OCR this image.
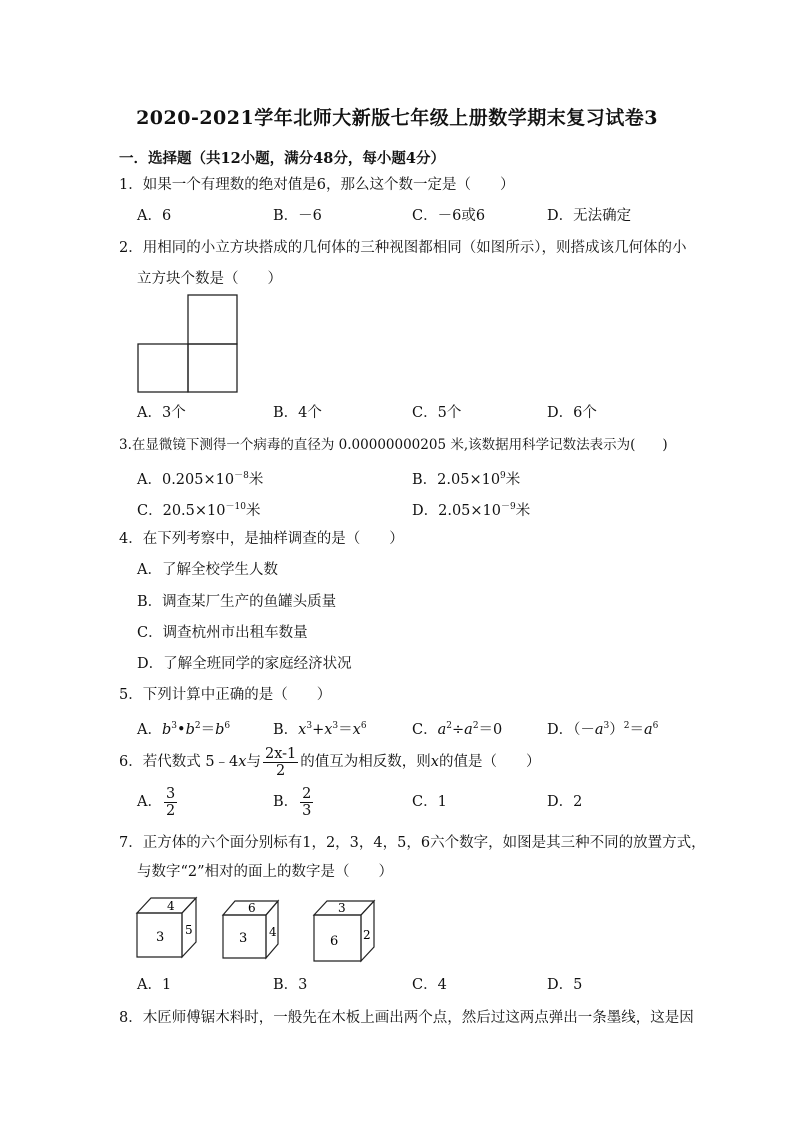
2020-2021学年北师大新版七年级上册数学期末复习试卷3
一．选择题（共12小题，满分48分，每小题4分）
1．如果一个有理数的绝对值是6，那么这个数一定是（　　）
A．6	B．－6	C．－6或6	D．无法确定
2．用相同的小立方块搭成的几何体的三种视图都相同（如图所示），则搭成该几何体的小
立方块个数是（　　）
A．3个	B．4个	C．5个	D．6个
3.在显微镜下测得一个病毒的直径为 0.00000000205 米,该数据用科学记数法表示为(　　)
A．$0.205\times 10^{-8}$米	B．$2.05\times 10^9$米
C．$20.5\times 10^{-10}$米	D．$2.05\times 10^{-9}$米
4．在下列考察中，是抽样调查的是（　　）
A．了解全校学生人数
B．调查某厂生产的鱼罐头质量
C．调查杭州市出租车数量
D．了解全班同学的家庭经济状况
5．下列计算中正确的是（　　）
A．$b^3•b^2=b^6$	B．$x^3+x^3=x^6$	C．$a^2\div a^2=0$	D．$(-a^3)^2=a^6$
6．若代数式 5﹣4x与 $\frac{2x-1}{2}$ 的值互为相反数，则x的值是（　　）
A． $\frac{3}{2}$	B． $\frac{2}{3}$	C．1	D．2
7．正方体的六个面分别标有1，2，3，4，5，6六个数字，如图是其三种不同的放置方式，
与数字“2”相对的面上的数字是（　　）
4
3 5
6
3 4
3
6 2
A．1	B．3	C．4	D．5
8．木匠师傅锯木料时，一般先在木板上画出两个点，然后过这两点弹出一条墨线，这是因
